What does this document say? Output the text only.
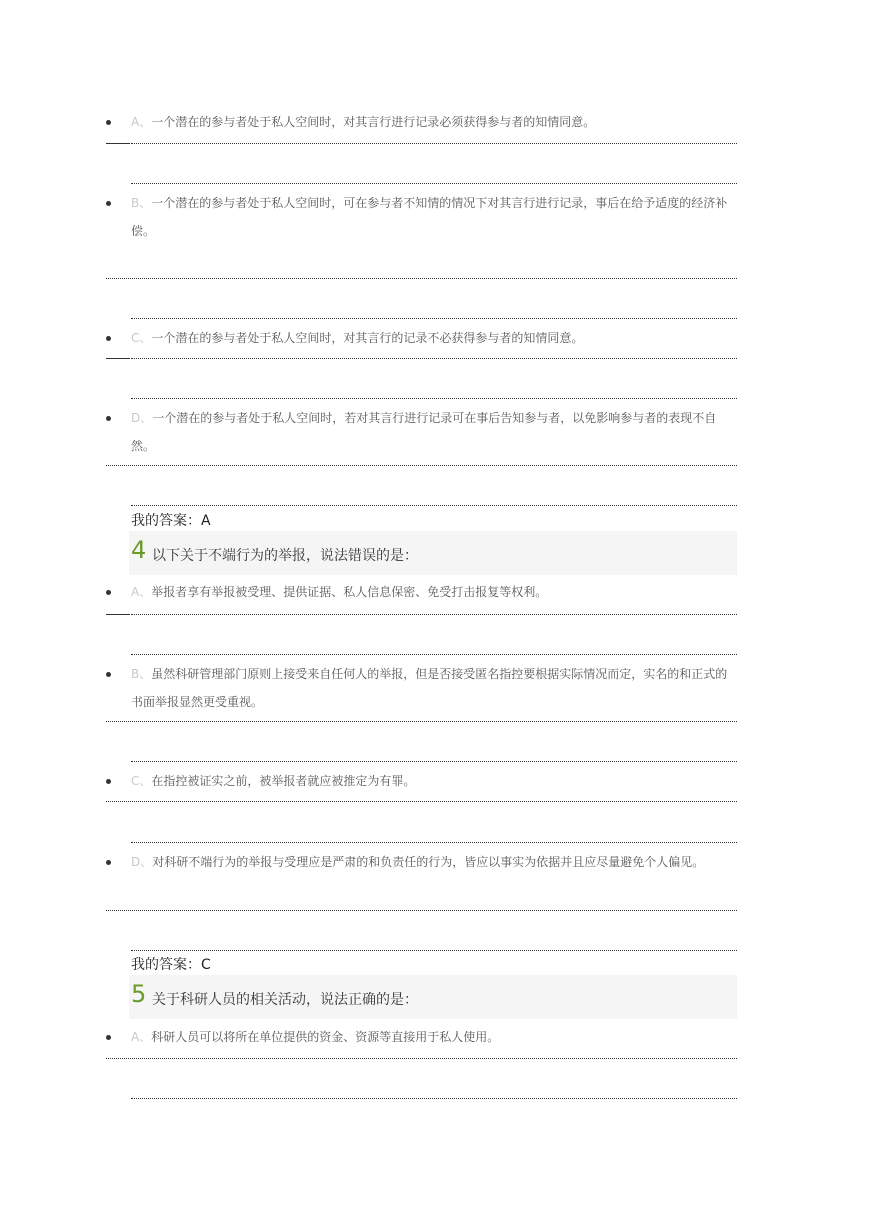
A、一个潜在的参与者处于私人空间时，对其言行进行记录必须获得参与者的知情同意。
B、一个潜在的参与者处于私人空间时，可在参与者不知情的情况下对其言行进行记录，事后在给予适度的经济补偿。
C、一个潜在的参与者处于私人空间时，对其言行的记录不必获得参与者的知情同意。
D、一个潜在的参与者处于私人空间时，若对其言行进行记录可在事后告知参与者，以免影响参与者的表现不自然。
我的答案：A
4 以下关于不端行为的举报，说法错误的是：
A、举报者享有举报被受理、提供证据、私人信息保密、免受打击报复等权利。
B、虽然科研管理部门原则上接受来自任何人的举报，但是否接受匿名指控要根据实际情况而定，实名的和正式的书面举报显然更受重视。
C、在指控被证实之前，被举报者就应被推定为有罪。
D、对科研不端行为的举报与受理应是严肃的和负责任的行为，皆应以事实为依据并且应尽量避免个人偏见。
我的答案：C
5 关于科研人员的相关活动，说法正确的是：
A、科研人员可以将所在单位提供的资金、资源等直接用于私人使用。
